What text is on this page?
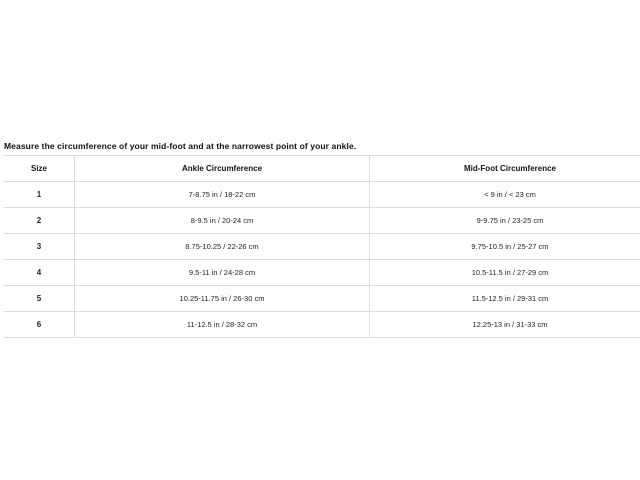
Measure the circumference of your mid-foot and at the narrowest point of your ankle.

Size	Ankle Circumference	Mid-Foot Circumference
1	7-8.75 in / 18-22 cm	< 9 in / < 23 cm
2	8-9.5 in / 20-24 cm	9-9.75 in / 23-25 cm
3	8.75-10.25 / 22-26 cm	9.75-10.5 in / 25-27 cm
4	9.5-11 in / 24-28 cm	10.5-11.5 in / 27-29 cm
5	10.25-11.75 in / 26-30 cm	11.5-12.5 in / 29-31 cm
6	11-12.5 in / 28-32 cm	12.25-13 in / 31-33 cm
